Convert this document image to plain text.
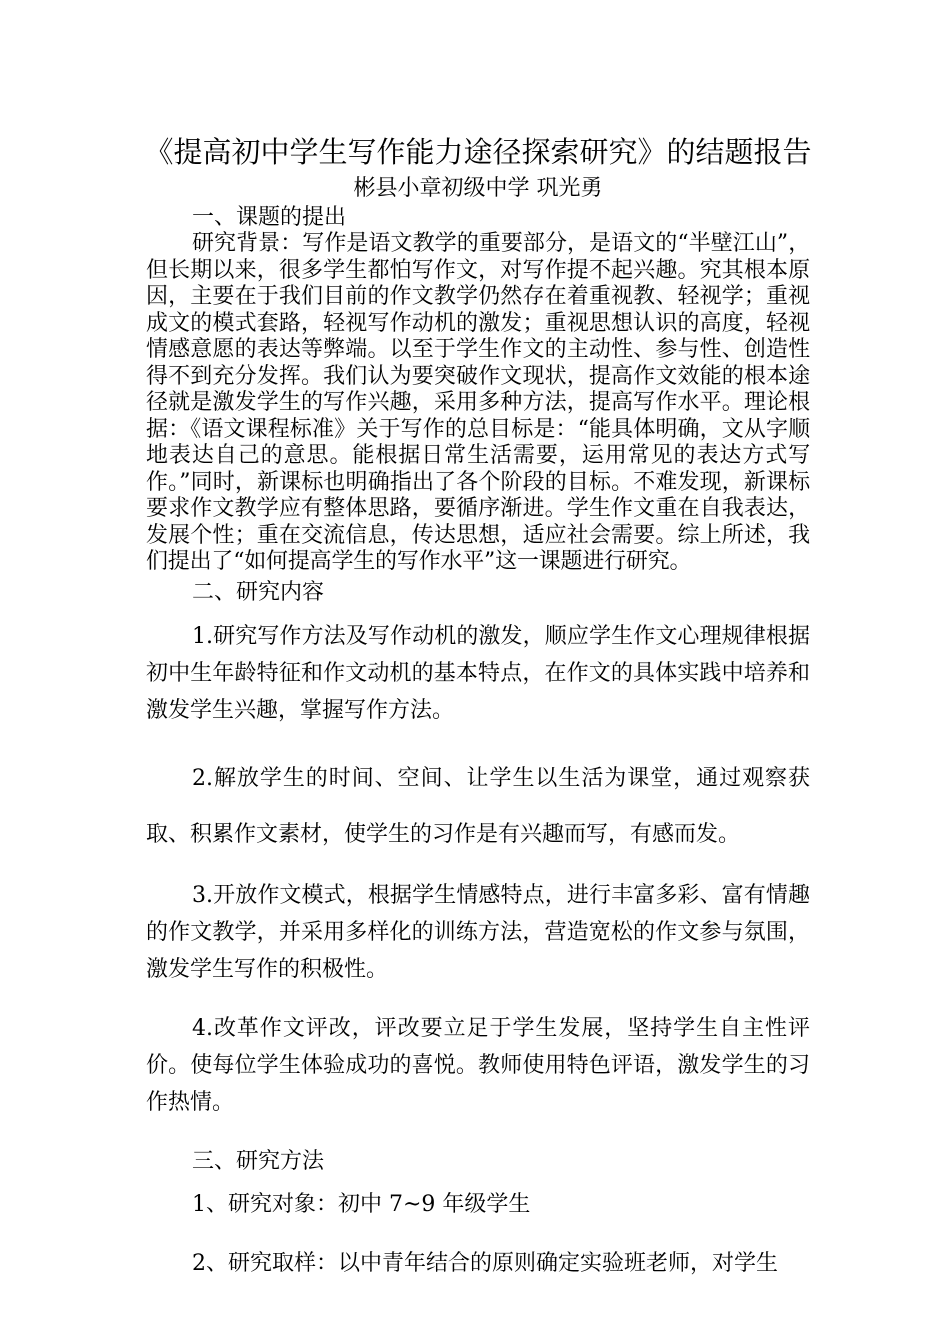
《提高初中学生写作能力途径探索研究》的结题报告

彬县小章初级中学 巩光勇

一、课题的提出

研究背景：写作是语文教学的重要部分，是语文的“半壁江山”，但长期以来，很多学生都怕写作文，对写作提不起兴趣。究其根本原因，主要在于我们目前的作文教学仍然存在着重视教、轻视学；重视成文的模式套路，轻视写作动机的激发；重视思想认识的高度，轻视情感意愿的表达等弊端。以至于学生作文的主动性、参与性、创造性得不到充分发挥。我们认为要突破作文现状，提高作文效能的根本途径就是激发学生的写作兴趣，采用多种方法，提高写作水平。理论根据：《语文课程标准》关于写作的总目标是：“能具体明确，文从字顺地表达自己的意思。能根据日常生活需要，运用常见的表达方式写作。”同时，新课标也明确指出了各个阶段的目标。不难发现，新课标要求作文教学应有整体思路，要循序渐进。学生作文重在自我表达，发展个性；重在交流信息，传达思想，适应社会需要。综上所述，我们提出了“如何提高学生的写作水平”这一课题进行研究。

二、研究内容

1.研究写作方法及写作动机的激发，顺应学生作文心理规律根据初中生年龄特征和作文动机的基本特点，在作文的具体实践中培养和激发学生兴趣，掌握写作方法。

2.解放学生的时间、空间、让学生以生活为课堂，通过观察获取、积累作文素材，使学生的习作是有兴趣而写，有感而发。

3.开放作文模式，根据学生情感特点，进行丰富多彩、富有情趣的作文教学，并采用多样化的训练方法，营造宽松的作文参与氛围，激发学生写作的积极性。

4.改革作文评改，评改要立足于学生发展，坚持学生自主性评价。使每位学生体验成功的喜悦。教师使用特色评语，激发学生的习作热情。

三、研究方法

1、研究对象：初中 7~9 年级学生

2、研究取样：以中青年结合的原则确定实验班老师，对学生
